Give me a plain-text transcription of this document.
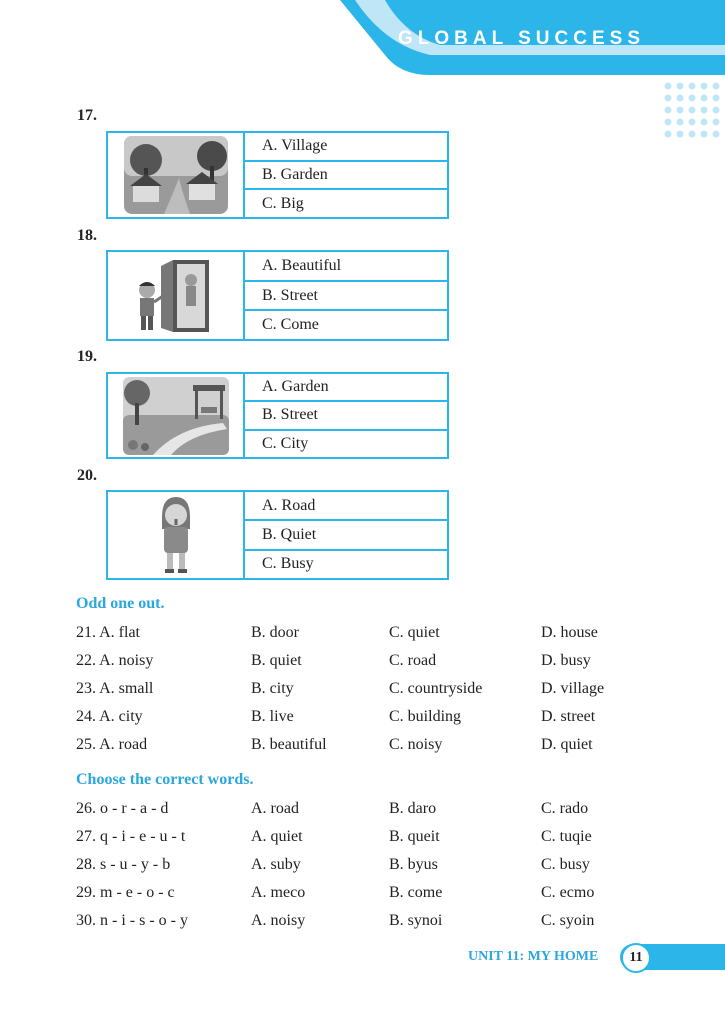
GLOBAL SUCCESS
17.
A. Village
B. Garden
C. Big
18.
A. Beautiful
B. Street
C. Come
19.
A. Garden
B. Street
C. City
20.
A. Road
B. Quiet
C. Busy
Odd one out.
21. A. flat	B. door	C. quiet	D. house
22. A. noisy	B. quiet	C. road	D. busy
23. A. small	B. city	C. countryside	D. village
24. A. city	B. live	C. building	D. street
25. A. road	B. beautiful	C. noisy	D. quiet
Choose the correct words.
26. o - r - a - d	A. road	B. daro	C. rado
27. q - i - e - u - t	A. quiet	B. queit	C. tuqie
28. s - u - y - b	A. suby	B. byus	C. busy
29. m - e - o - c	A. meco	B. come	C. ecmo
30. n - i - s - o - y	A. noisy	B. synoi	C. syoin
UNIT 11: MY HOME	11
